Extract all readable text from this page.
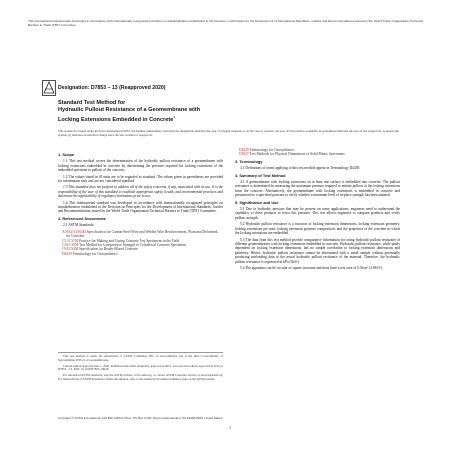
This international standard was developed in accordance with internationally recognized principles on standardization established in the Decision on Principles for the Development of International Standards, Guides and Recommendations issued by the World Trade Organization Technical Barriers to Trade (TBT) Committee.
Designation: D7853 – 13 (Reapproved 2020)
Standard Test Method for
Hydraulic Pullout Resistance of a Geomembrane with
Locking Extensions Embedded in Concrete$^1$
This standard is issued under the fixed designation D7853; the number immediately following the designation indicates the year of original adoption or, in the case of revision, the year of last revision. A number in parentheses indicates the year of last reapproval. A superscript epsilon (ε) indicates an editorial change since the last revision or reapproval.
1. Scope

1.1 This test method covers the determination of the hydraulic pullout resistance of a geomembrane with locking extensions embedded in concrete by determining the pressure required for locking extensions of the embedded specimen to pullout of the concrete.

1.2 The values stated in SI units are to be regarded as standard. The values given in parentheses are provided for information only and are not considered standard.

1.3 This standard does not purport to address all of the safety concerns, if any, associated with its use. It is the responsibility of the user of this standard to establish appropriate safety, health, and environmental practices and determine the applicability of regulatory limitations prior to use.

1.4 This international standard was developed in accordance with internationally recognized principles on standardization established in the Decision on Principles for the Development of International Standards, Guides and Recommendations issued by the World Trade Organization Technical Barriers to Trade (TBT) Committee.

2. Referenced Documents

2.1 ASTM Standards:

A1064/A1064M Specification for Carbon-Steel Wire and Welded Wire Reinforcement, Plain and Deformed, for Concrete

C31/C31M Practice for Making and Curing Concrete Test Specimens in the Field

C39/C39M Test Method for Compressive Strength of Cylindrical Concrete Specimens

C94/C94M Specification for Ready-Mixed Concrete

D4439 Terminology for Geosynthetics

This test method is under the jurisdiction of ASTM Committee D35 on Geosynthetics and is the direct responsibility of Subcommittee D35.10 on Geomembranes.

Current edition approved June 1, 2020. Published June 2020. Originally approved in 2013. Last previous edition approved in 2013 as D7853 – 13. DOI: 10.1520/D7853-13R20.

For referenced ASTM standards, visit the ASTM website, www.astm.org, or contact ASTM Customer Service at service@astm.org. For Annual Book of ASTM Standards volume information, refer to the standard's Document Summary page on the ASTM website.

D4439 Terminology for Geosynthetics

D5947 Test Methods for Physical Dimensions of Solid Plastic Specimens

3. Terminology

3.1 Definitions of terms applying to this test method appear in Terminology D4439.

4. Summary of Test Method

4.1 A geomembrane with locking extensions on at least one surface is embedded into concrete. The pullout resistance is determined by measuring the maximum pressure required to initiate pullout of the locking extensions from the concrete. Alternatively, the geomembrane with locking extensions is embedded in concrete and pressurized to a specified pressure to verify whether a minimum level of in-place strength has been attained.

5. Significance and Use

5.1 Due to hydraulic pressure that may be present on some applications, engineers need to understand the capability of these products to resist this pressure. This test allows engineers to compare products and verify pullout strength.

5.2 Hydraulic pullout resistance is a function of locking extension dimensions, locking extension geometry, locking extensions per area, locking extension polymer composition, and the properties of the concrete in which the locking extensions are embedded.

5.3 The data from this test method provide comparative information for rating hydraulic pullout resistance of different geomembranes with locking extensions embedded in concrete. Hydraulic pullout resistance, while partly dependent on locking extension dimensions, has no simple correlation to locking extension dimensions and geometry. Hence, hydraulic pullout resistance cannot be determined with a small sample without potentially producing misleading data to the actual hydraulic pullout resistance of the material. Therefore, the hydraulic pullout resistance is expressed in kPa (lb/ft²).

5.4 The apparatus can be circular or square in nature and must have a test area of 0.36 m² (3.88 ft²).

Copyright © ASTM International, 100 Barr Harbor Drive, PO Box C700, West Conshohocken, PA 19428-2959. United States
1
